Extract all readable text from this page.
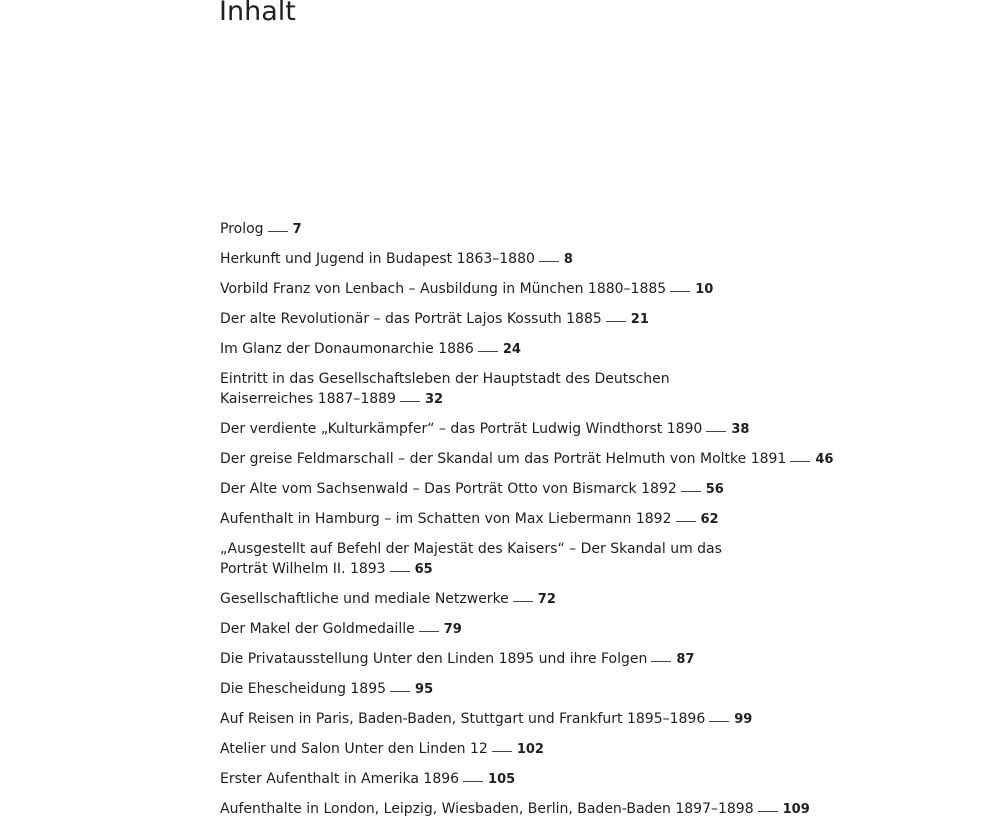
Inhalt
Prolog 7
Herkunft und Jugend in Budapest 1863–1880 8
Vorbild Franz von Lenbach – Ausbildung in München 1880–1885 10
Der alte Revolutionär – das Porträt Lajos Kossuth 1885 21
Im Glanz der Donaumonarchie 1886 24
Eintritt in das Gesellschaftsleben der Hauptstadt des Deutschen Kaiserreiches 1887–1889 32
Der verdiente „Kulturkämpfer“ – das Porträt Ludwig Windthorst 1890 38
Der greise Feldmarschall – der Skandal um das Porträt Helmuth von Moltke 1891 46
Der Alte vom Sachsenwald – Das Porträt Otto von Bismarck 1892 56
Aufenthalt in Hamburg – im Schatten von Max Liebermann 1892 62
„Ausgestellt auf Befehl der Majestät des Kaisers“ – Der Skandal um das Porträt Wilhelm II. 1893 65
Gesellschaftliche und mediale Netzwerke 72
Der Makel der Goldmedaille 79
Die Privatausstellung Unter den Linden 1895 und ihre Folgen 87
Die Ehescheidung 1895 95
Auf Reisen in Paris, Baden-Baden, Stuttgart und Frankfurt 1895–1896 99
Atelier und Salon Unter den Linden 12 102
Erster Aufenthalt in Amerika 1896 105
Aufenthalte in London, Leipzig, Wiesbaden, Berlin, Baden-Baden 1897–1898 109
